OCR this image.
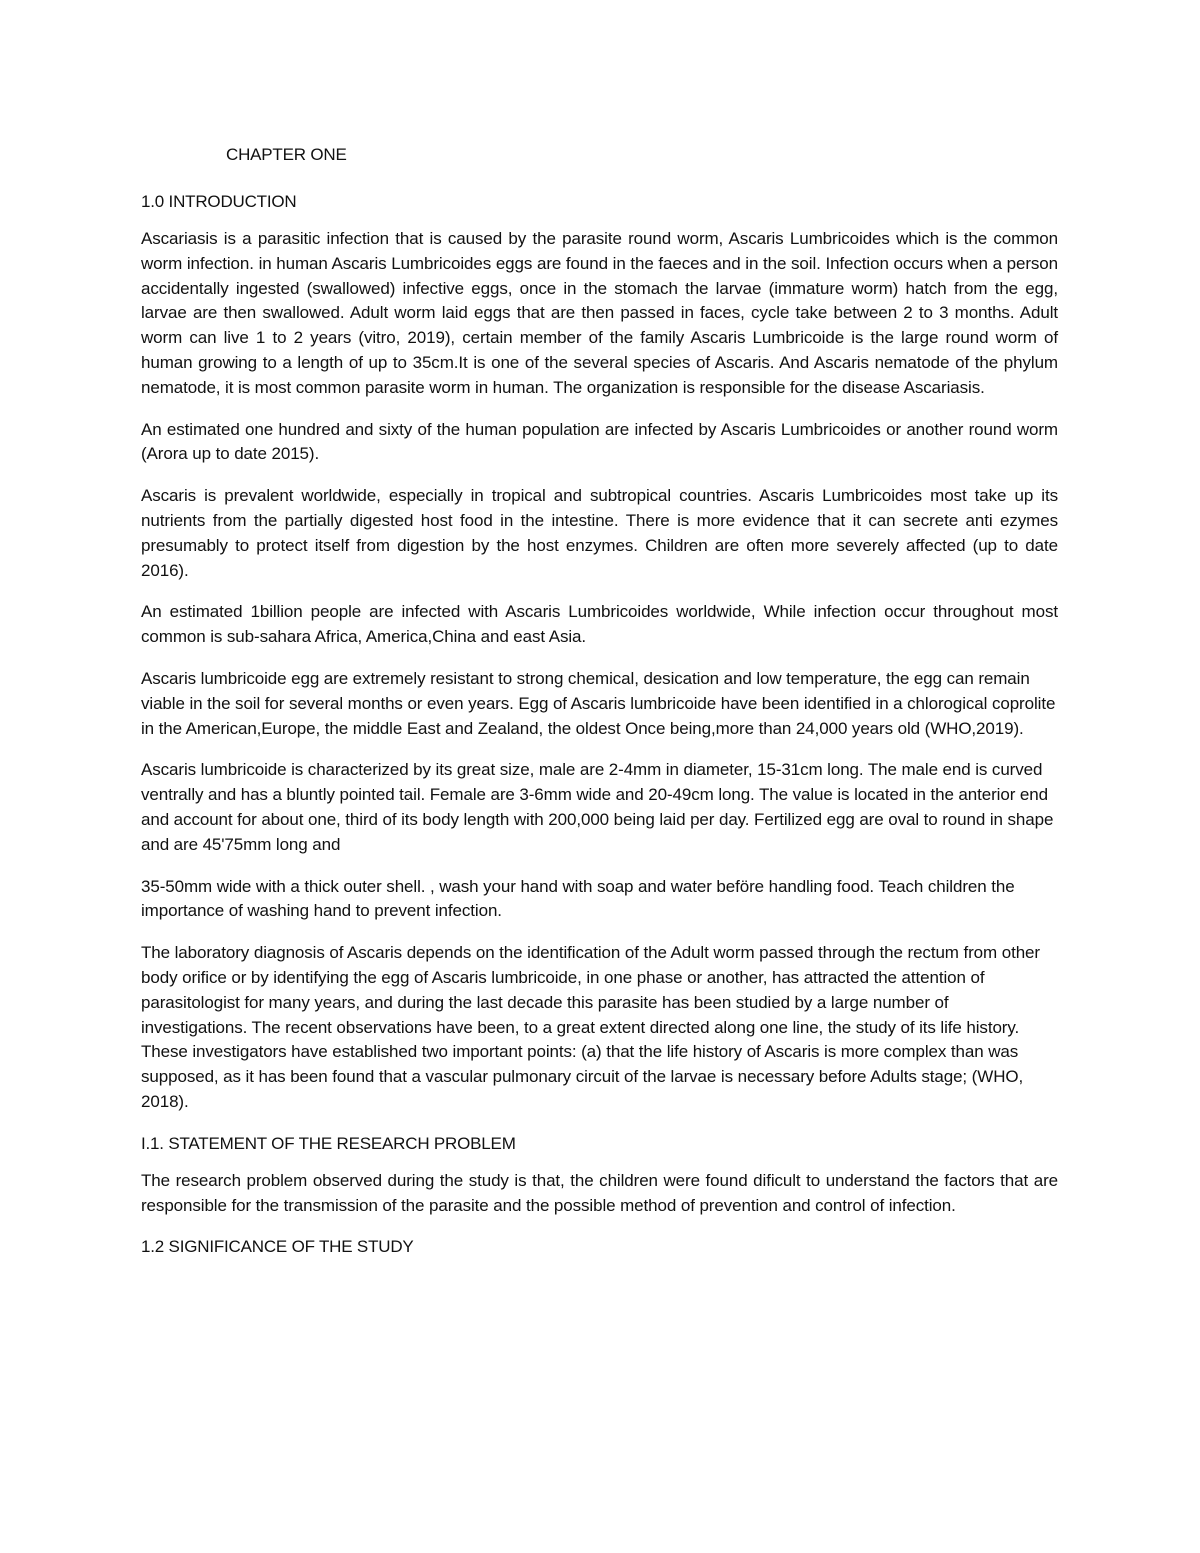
CHAPTER ONE
1.0 INTRODUCTION

Ascariasis is a parasitic infection that is caused by the parasite round worm, Ascaris Lumbricoides which is the common worm infection. in human Ascaris Lumbricoides eggs are found in the faeces and in the soil. Infection occurs when a person accidentally ingested (swallowed) infective eggs, once in the stomach the larvae (immature worm) hatch from the egg, larvae are then swallowed. Adult worm laid eggs that are then passed in faces, cycle take between 2 to 3 months. Adult worm can live 1 to 2 years (vitro, 2019), certain member of the family Ascaris Lumbricoide is the large round worm of human growing to a length of up to 35cm.It is one of the several species of Ascaris. And Ascaris nematode of the phylum nematode, it is most common parasite worm in human. The organization is responsible for the disease Ascariasis.

An estimated one hundred and sixty of the human population are infected by Ascaris Lumbricoides or another round worm (Arora up to date 2015).

Ascaris is prevalent worldwide, especially in tropical and subtropical countries. Ascaris Lumbricoides most take up its nutrients from the partially digested host food in the intestine. There is more evidence that it can secrete anti ezymes presumably to protect itself from digestion by the host enzymes. Children are often more severely affected (up to date 2016).

An estimated 1billion people are infected with Ascaris Lumbricoides worldwide, While infection occur throughout most common is sub-sahara Africa, America,China and east Asia.

Ascaris lumbricoide egg are extremely resistant to strong chemical, desication and low temperature, the egg can remain viable in the soil for several months or even years. Egg of Ascaris lumbricoide have been identified in a chlorogical coprolite in the American,Europe, the middle East and Zealand, the oldest Once being,more than 24,000 years old (WHO,2019).

Ascaris lumbricoide is characterized by its great size, male are 2-4mm in diameter, 15-31cm long. The male end is curved ventrally and has a bluntly pointed tail. Female are 3-6mm wide and 20-49cm long. The value is located in the anterior end and account for about one, third of its body length with 200,000 being laid per day. Fertilized egg are oval to round in shape and are 45'75mm long and

35-50mm wide with a thick outer shell. , wash your hand with soap and water beföre handling food. Teach children the importance of washing hand to prevent infection.

The laboratory diagnosis of Ascaris depends on the identification of the Adult worm passed through the rectum from other body orifice or by identifying the egg of Ascaris lumbricoide, in one phase or another, has attracted the attention of parasitologist for many years, and during the last decade this parasite has been studied by a large number of investigations. The recent observations have been, to a great extent directed along one line, the study of its life history. These investigators have established two important points: (a) that the life history of Ascaris is more complex than was supposed, as it has been found that a vascular pulmonary circuit of the larvae is necessary before Adults stage; (WHO, 2018).

I.1. STATEMENT OF THE RESEARCH PROBLEM

The research problem observed during the study is that, the children were found dificult to understand the factors that are responsible for the transmission of the parasite and the possible method of prevention and control of infection.

1.2 SIGNIFICANCE OF THE STUDY
